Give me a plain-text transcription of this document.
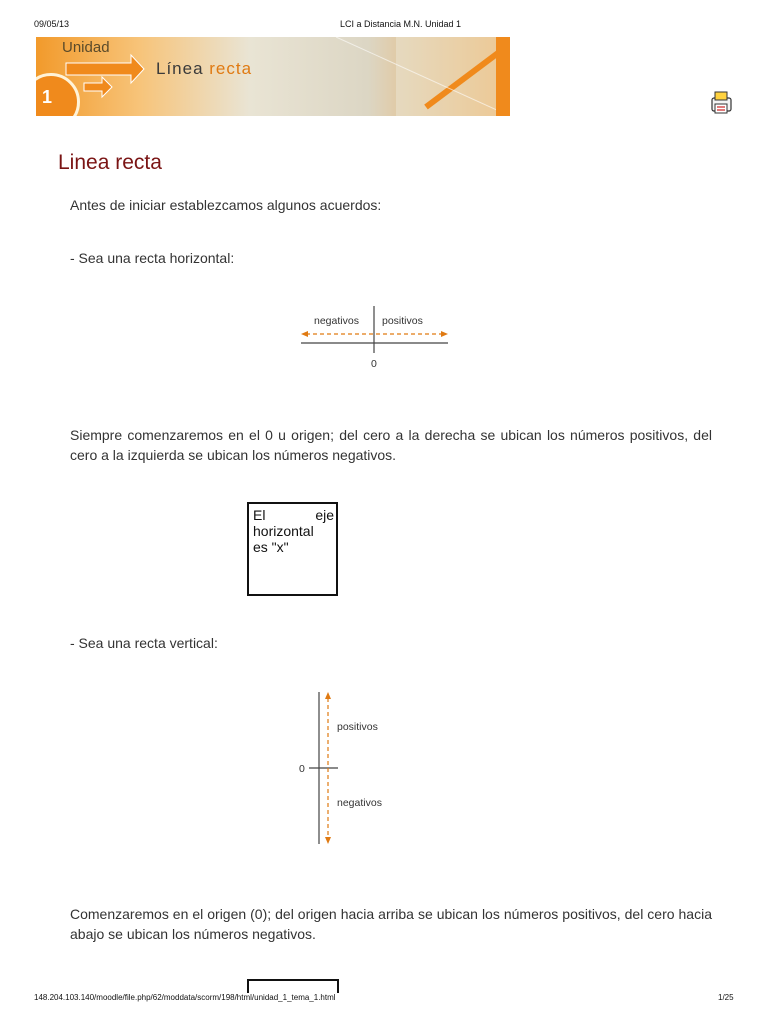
09/05/13	LCI a Distancia M.N. Unidad 1
Unidad
Línea recta
1
Linea recta
Antes de iniciar establezcamos algunos acuerdos:
- Sea una recta horizontal:
negativos positivos
0
Siempre comenzaremos en el 0 u origen; del cero a la derecha se ubican los números positivos, del cero a la izquierda se ubican los números negativos.
El	eje
horizontal
es "x"
- Sea una recta vertical:
positivos
negativos
0
Comenzaremos en el origen (0); del origen hacia arriba se ubican los números positivos, del cero hacia abajo se ubican los números negativos.
148.204.103.140/moodle/file.php/62/moddata/scorm/198/html/unidad_1_tema_1.html	1/25
